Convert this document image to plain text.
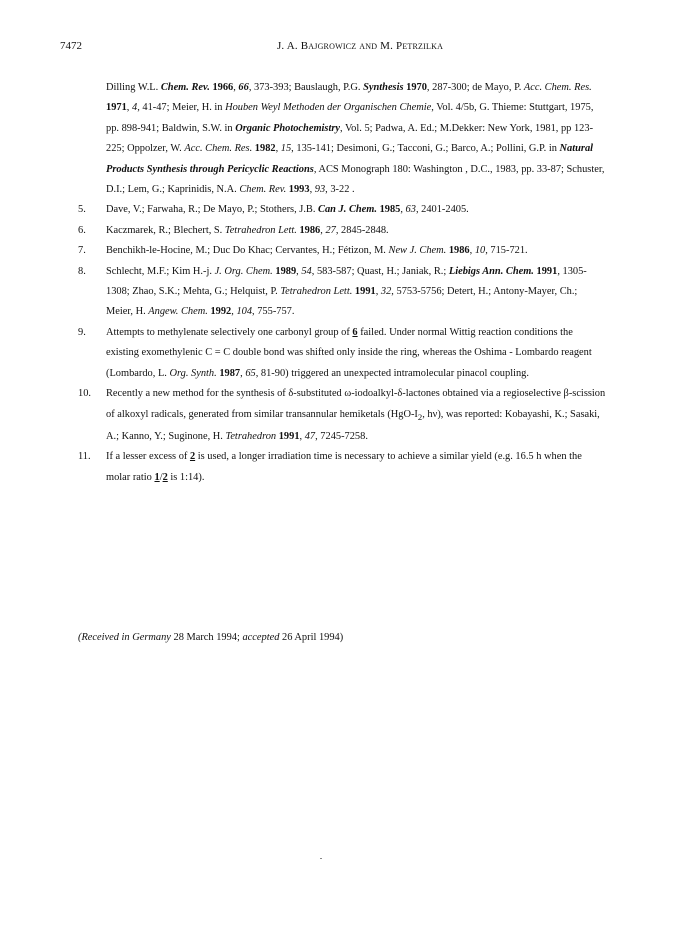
7472	J. A. Bajgrowicz and M. Petrzilka
Dilling W.L. Chem. Rev. 1966, 66, 373-393; Bauslaugh, P.G. Synthesis 1970, 287-300; de Mayo, P. Acc. Chem. Res. 1971, 4, 41-47; Meier, H. in Houben Weyl Methoden der Organischen Chemie, Vol. 4/5b, G. Thieme: Stuttgart, 1975, pp. 898-941; Baldwin, S.W. in Organic Photochemistry, Vol. 5; Padwa, A. Ed.; M.Dekker: New York, 1981, pp 123-225; Oppolzer, W. Acc. Chem. Res. 1982, 15, 135-141; Desimoni, G.; Tacconi, G.; Barco, A.; Pollini, G.P. in Natural Products Synthesis through Pericyclic Reactions, ACS Monograph 180: Washington , D.C., 1983, pp. 33-87; Schuster, D.I.; Lem, G.; Kaprinidis, N.A. Chem. Rev. 1993, 93, 3-22 .
5. Dave, V.; Farwaha, R.; De Mayo, P.; Stothers, J.B. Can J. Chem. 1985, 63, 2401-2405.
6. Kaczmarek, R.; Blechert, S. Tetrahedron Lett. 1986, 27, 2845-2848.
7. Benchikh-le-Hocine, M.; Duc Do Khac; Cervantes, H.; Fétizon, M. New J. Chem. 1986, 10, 715-721.
8. Schlecht, M.F.; Kim H.-j. J. Org. Chem. 1989, 54, 583-587; Quast, H.; Janiak, R.; Liebigs Ann. Chem. 1991, 1305-1308; Zhao, S.K.; Mehta, G.; Helquist, P. Tetrahedron Lett. 1991, 32, 5753-5756; Detert, H.; Antony-Mayer, Ch.; Meier, H. Angew. Chem. 1992, 104, 755-757.
9. Attempts to methylenate selectively one carbonyl group of 6 failed. Under normal Wittig reaction conditions the existing exomethylenic C = C double bond was shifted only inside the ring, whereas the Oshima - Lombardo reagent (Lombardo, L. Org. Synth. 1987, 65, 81-90) triggered an unexpected intramolecular pinacol coupling.
10. Recently a new method for the synthesis of δ-substituted ω-iodoalkyl-δ-lactones obtained via a regioselective β-scission of alkoxyl radicals, generated from similar transannular hemiketals ($HgO-I_2$, hν), was reported: Kobayashi, K.; Sasaki, A.; Kanno, Y.; Suginone, H. Tetrahedron 1991, 47, 7245-7258.
11. If a lesser excess of 2 is used, a longer irradiation time is necessary to achieve a similar yield (e.g. 16.5 h when the molar ratio 1/2 is 1:14).
(Received in Germany 28 March 1994; accepted 26 April 1994)
